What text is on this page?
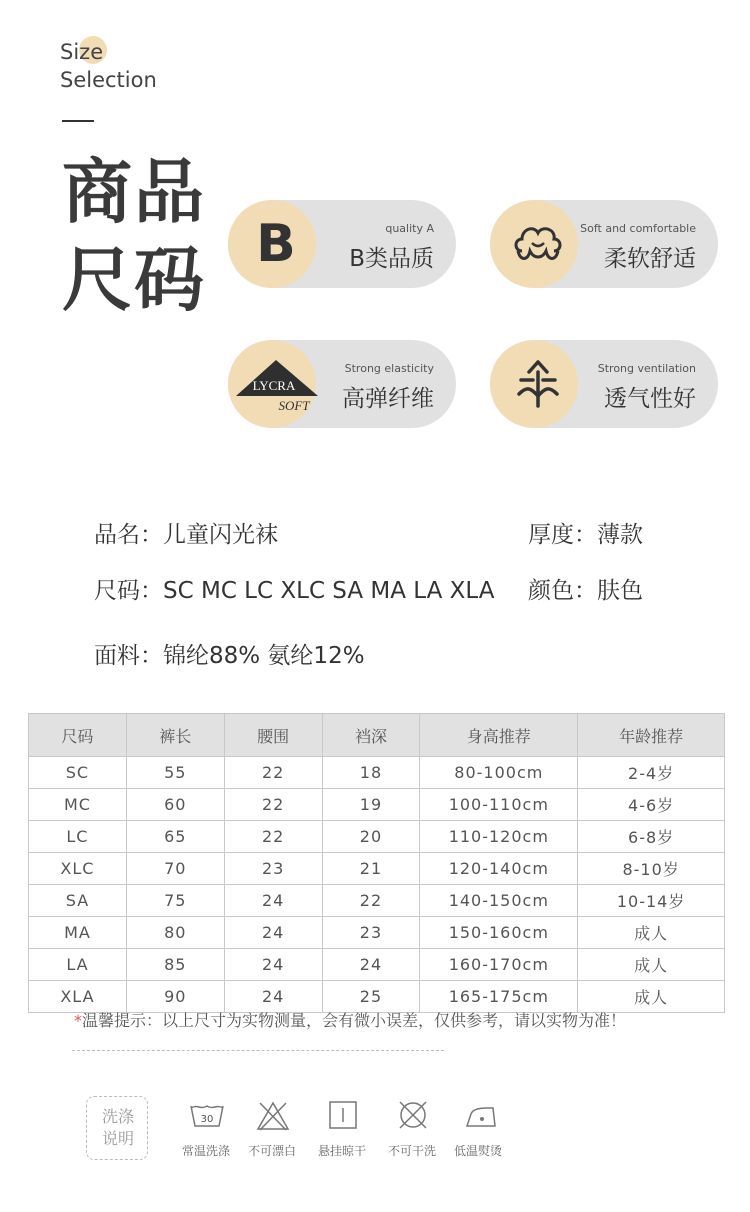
Size
Selection
商品
尺码 B	quality A
B类品质
Soft and comfortable
柔软舒适
LYCRA
SOFT
Strong elasticity
高弹纤维
Strong ventilation
透气性好
品名：儿童闪光袜	厚度：薄款
尺码：SC MC LC XLC SA MA LA XLA 颜色：肤色
面料：锦纶88% 氨纶12%
尺码	裤长	腰围	裆深	身高推荐	年龄推荐
SC	55	22	18	80-100cm	2-4岁
MC	60	22	19	100-110cm	4-6岁
LC	65	22	20	110-120cm	6-8岁
XLC	70	23	21	120-140cm	8-10岁
SA	75	24	22	140-150cm	10-14岁
MA	80	24	23	150-160cm	成人
LA	85	24	24	160-170cm	成人
XLA	90	24	25	165-175cm	成人
*温馨提示：以上尺寸为实物测量，会有微小误差，仅供参考，请以实物为准！
洗涤
说明
30
常温洗涤 不可漂白 悬挂晾干 不可干洗 低温熨烫
